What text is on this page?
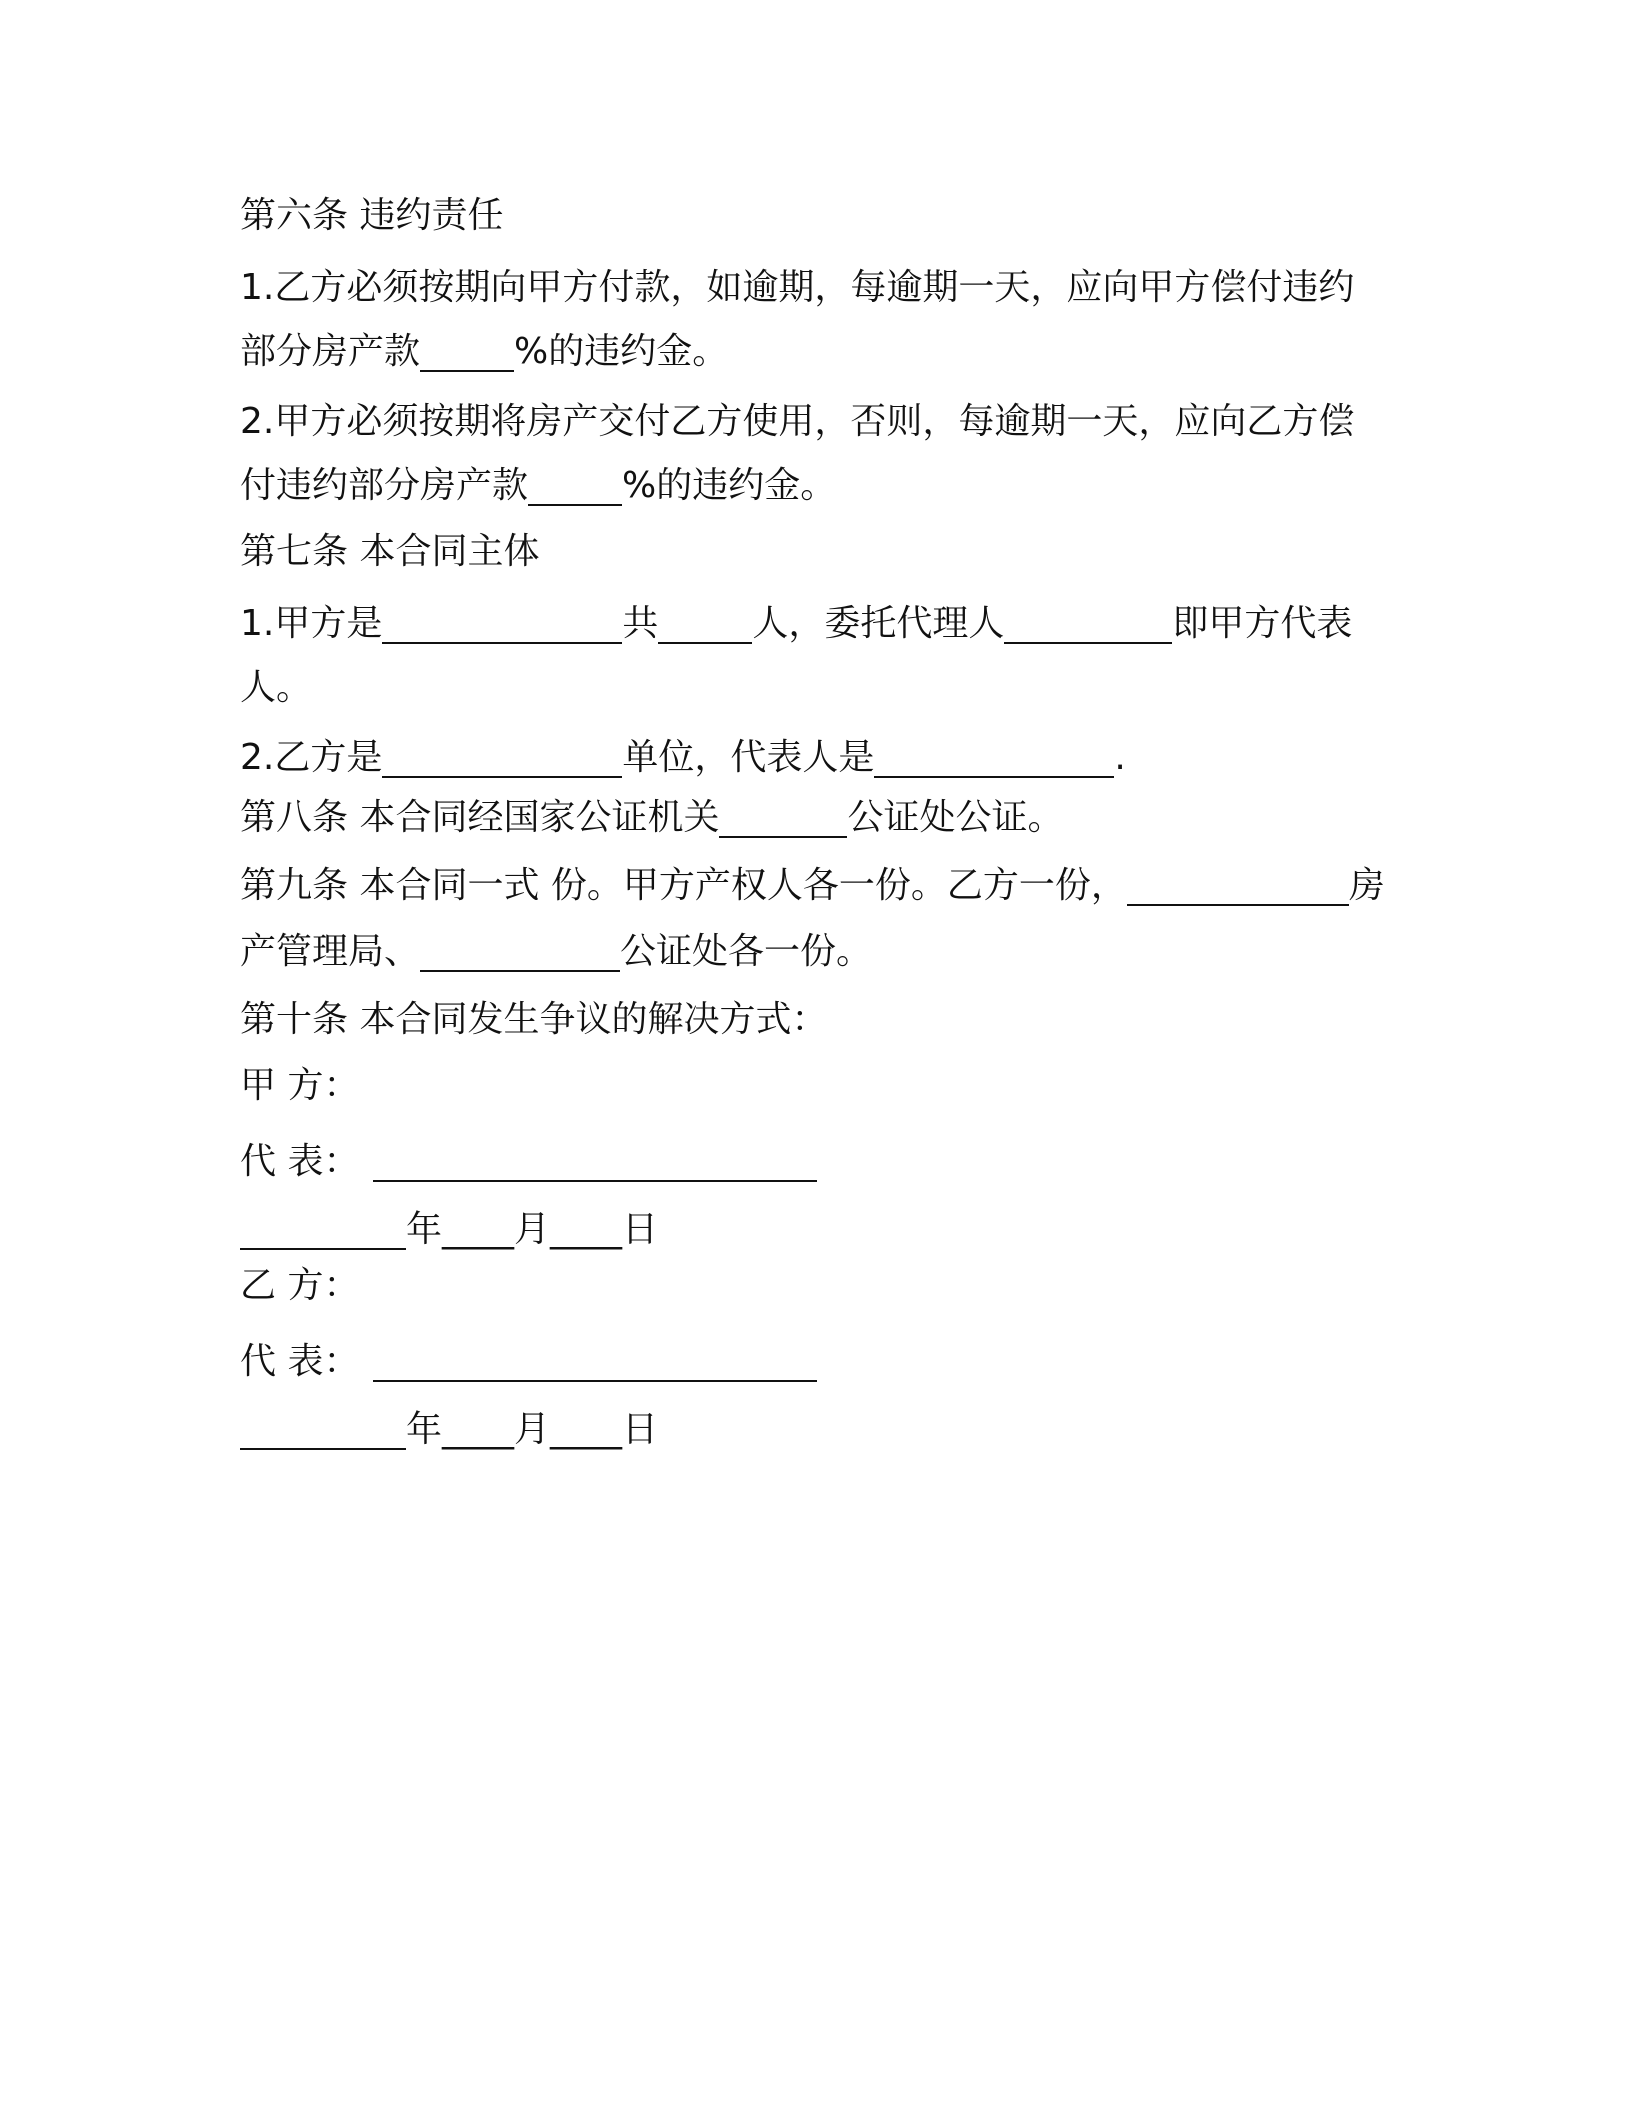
第六条 违约责任
1.乙方必须按期向甲方付款，如逾期，每逾期一天，应向甲方偿付违约
部分房产款	%的违约金。
2.甲方必须按期将房产交付乙方使用，否则，每逾期一天，应向乙方偿
付违约部分房产款	%的违约金。
第七条 本合同主体
1.甲方是	共	人，委托代理人	即甲方代表
人。
2.乙方是	单位，代表人是	.
第八条 本合同经国家公证机关	公证处公证。
第九条 本合同一式 份。甲方产权人各一份。乙方一份，	房
产管理局、	公证处各一份。
第十条 本合同发生争议的解决方式：
甲 方：
代 表：
年____月____日
乙 方：
代 表：
年____月____日
